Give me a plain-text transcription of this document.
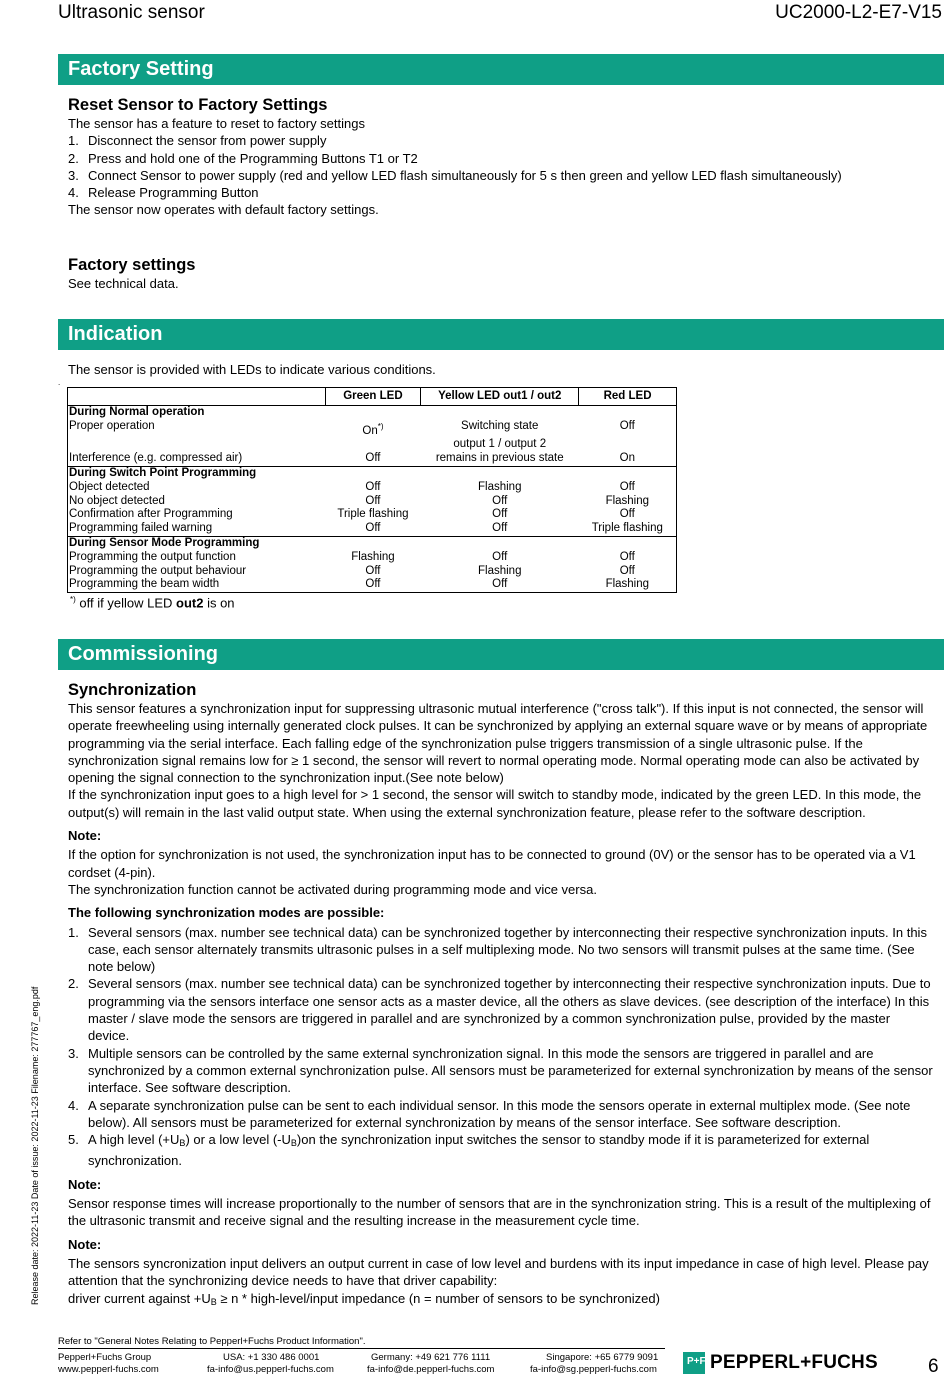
Ultrasonic sensor	UC2000-L2-E7-V15
Factory Setting
Reset Sensor to Factory Settings
The sensor has a feature to reset to factory settings
1. Disconnect the sensor from power supply
2. Press and hold one of the Programming Buttons T1 or T2
3. Connect Sensor to power supply (red and yellow LED flash simultaneously for 5 s then green and yellow LED flash simultaneously)
4. Release Programming Button
The sensor now operates with default factory settings.
Factory settings
See technical data.
Indication
The sensor is provided with LEDs to indicate various conditions.
.
	Green LED	Yellow LED out1 / out2	Red LED
During Normal operation			
Proper operation	On*)	Switching state	Off
		output 1 / output 2	
Interference (e.g. compressed air)	Off	remains in previous state	On
During Switch Point Programming			
Object detected	Off	Flashing	Off
No object detected	Off	Off	Flashing
Confirmation after Programming	Triple flashing	Off	Off
Programming failed warning	Off	Off	Triple flashing
During Sensor Mode Programming			
Programming the output function	Flashing	Off	Off
Programming the output behaviour	Off	Flashing	Off
Programming the beam width	Off	Off	Flashing
*) off if yellow LED out2 is on
Commissioning
Synchronization
This sensor features a synchronization input for suppressing ultrasonic mutual interference ("cross talk"). If this input is not connected, the sensor will operate freewheeling using internally generated clock pulses. It can be synchronized by applying an external square wave or by means of appropriate programming via the serial interface. Each falling edge of the synchronization pulse triggers transmission of a single ultrasonic pulse. If the synchronization signal remains low for ≥ 1 second, the sensor will revert to normal operating mode. Normal operating mode can also be activated by opening the signal connection to the synchronization input.(See note below)
If the synchronization input goes to a high level for > 1 second, the sensor will switch to standby mode, indicated by the green LED. In this mode, the output(s) will remain in the last valid output state. When using the external synchronization feature, please refer to the software description.
Note:
If the option for synchronization is not used, the synchronization input has to be connected to ground (0V) or the sensor has to be operated via a V1 cordset (4-pin).
The synchronization function cannot be activated during programming mode and vice versa.
The following synchronization modes are possible:
1. Several sensors (max. number see technical data) can be synchronized together by interconnecting their respective synchronization inputs. In this case, each sensor alternately transmits ultrasonic pulses in a self multiplexing mode. No two sensors will transmit pulses at the same time. (See note below)
2. Several sensors (max. number see technical data) can be synchronized together by interconnecting their respective synchronization inputs. Due to programming via the sensors interface one sensor acts as a master device, all the others as slave devices. (see description of the interface) In this master / slave mode the sensors are triggered in parallel and are synchronized by a common synchronization pulse, provided by the master device.
3. Multiple sensors can be controlled by the same external synchronization signal. In this mode the sensors are triggered in parallel and are synchronized by a common external synchronization pulse. All sensors must be parameterized for external synchronization by means of the sensor interface. See software description.
4. A separate synchronization pulse can be sent to each individual sensor. In this mode the sensors operate in external multiplex mode. (See note below). All sensors must be parameterized for external synchronization by means of the sensor interface. See software description.
5. A high level $(+U_B)$ or a low level $(-U_B)on$ the synchronization input switches the sensor to standby mode if it is parameterized for external synchronization.
Note:
Sensor response times will increase proportionally to the number of sensors that are in the synchronization string. This is a result of the multiplexing of the ultrasonic transmit and receive signal and the resulting increase in the measurement cycle time.
Note:
The sensors syncronization input delivers an output current in case of low level and burdens with its input impedance in case of high level. Please pay attention that the synchronizing device needs to have that driver capability:
driver current against $+U_B \ge n$ * high-level/input impedance (n = number of sensors to be synchronized)
Release date: 2022-11-23 Date of issue: 2022-11-23 Filename: 277767_eng.pdf
Refer to "General Notes Relating to Pepperl+Fuchs Product Information".
Pepperl+Fuchs Group
www.pepperl-fuchs.com
USA: +1 330 486 0001
fa-info@us.pepperl-fuchs.com
Germany: +49 621 776 1111
fa-info@de.pepperl-fuchs.com
Singapore: +65 6779 9091
fa-info@sg.pepperl-fuchs.com
P+F PEPPERL+FUCHS	6
